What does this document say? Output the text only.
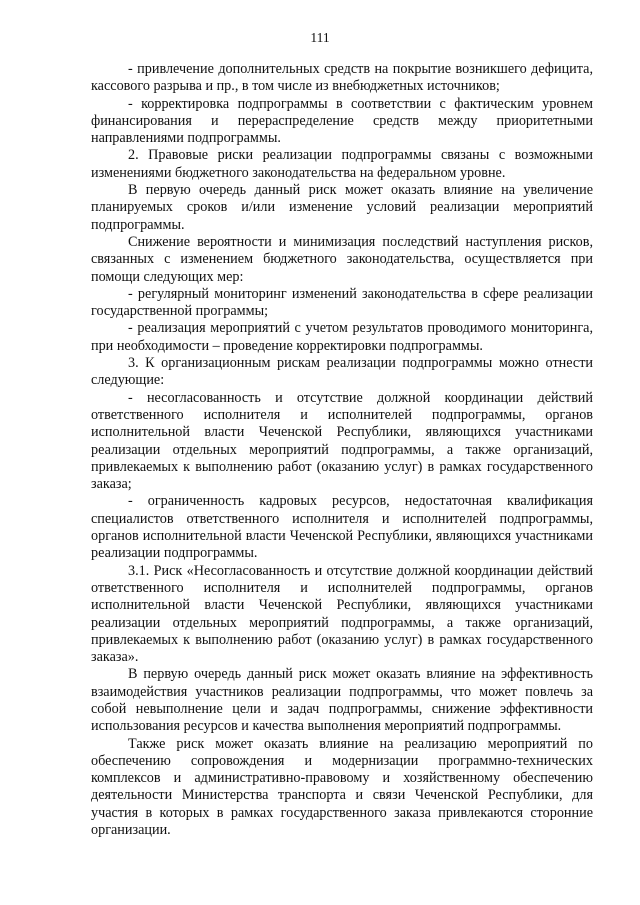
111

- привлечение дополнительных средств на покрытие возникшего дефицита, кассового разрыва и пр., в том числе из внебюджетных источников;

- корректировка подпрограммы в соответствии с фактическим уровнем финансирования и перераспределение средств между приоритетными направлениями подпрограммы.

2. Правовые риски реализации подпрограммы связаны с возможными изменениями бюджетного законодательства на федеральном уровне.

В первую очередь данный риск может оказать влияние на увеличение планируемых сроков и/или изменение условий реализации мероприятий подпрограммы.

Снижение вероятности и минимизация последствий наступления рисков, связанных с изменением бюджетного законодательства, осуществляется при помощи следующих мер:

- регулярный мониторинг изменений законодательства в сфере реализации государственной программы;

- реализация мероприятий с учетом результатов проводимого мониторинга, при необходимости – проведение корректировки подпрограммы.

3. К организационным рискам реализации подпрограммы можно отнести следующие:

- несогласованность и отсутствие должной координации действий ответственного исполнителя и исполнителей подпрограммы, органов исполнительной власти Чеченской Республики, являющихся участниками реализации отдельных мероприятий подпрограммы, а также организаций, привлекаемых к выполнению работ (оказанию услуг) в рамках государственного заказа;

- ограниченность кадровых ресурсов, недостаточная квалификация специалистов ответственного исполнителя и исполнителей подпрограммы, органов исполнительной власти Чеченской Республики, являющихся участниками реализации подпрограммы.

3.1. Риск «Несогласованность и отсутствие должной координации действий ответственного исполнителя и исполнителей подпрограммы, органов исполнительной власти Чеченской Республики, являющихся участниками реализации отдельных мероприятий подпрограммы, а также организаций, привлекаемых к выполнению работ (оказанию услуг) в рамках государственного заказа».

В первую очередь данный риск может оказать влияние на эффективность взаимодействия участников реализации подпрограммы, что может повлечь за собой невыполнение цели и задач подпрограммы, снижение эффективности использования ресурсов и качества выполнения мероприятий подпрограммы.

Также риск может оказать влияние на реализацию мероприятий по обеспечению сопровождения и модернизации программно-технических комплексов и административно-правовому и хозяйственному обеспечению деятельности Министерства транспорта и связи Чеченской Республики, для участия в которых в рамках государственного заказа привлекаются сторонние организации.
